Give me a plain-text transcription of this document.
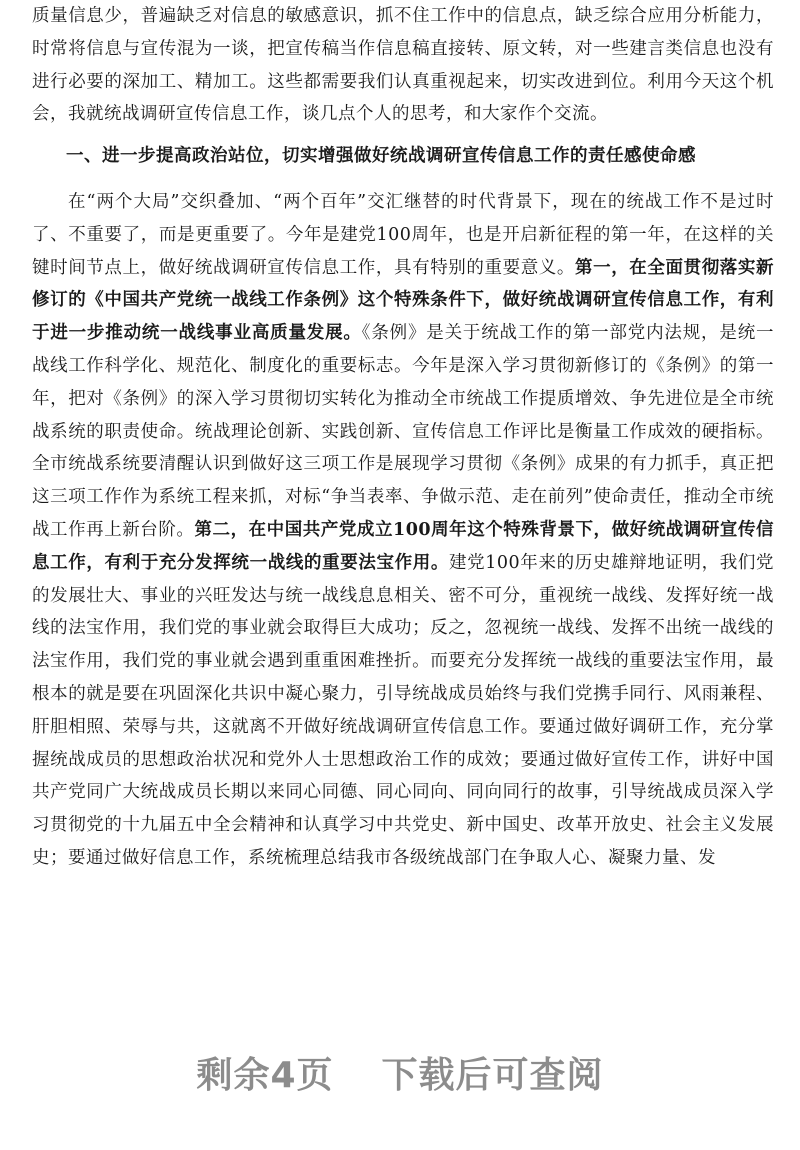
质量信息少，普遍缺乏对信息的敏感意识，抓不住工作中的信息点，缺乏综合应用分析能力，时常将信息与宣传混为一谈，把宣传稿当作信息稿直接转、原文转，对一些建言类信息也没有进行必要的深加工、精加工。这些都需要我们认真重视起来，切实改进到位。利用今天这个机会，我就统战调研宣传信息工作，谈几点个人的思考，和大家作个交流。

一、进一步提高政治站位，切实增强做好统战调研宣传信息工作的责任感使命感

在“两个大局”交织叠加、“两个百年”交汇继替的时代背景下，现在的统战工作不是过时了、不重要了，而是更重要了。今年是建党100周年，也是开启新征程的第一年，在这样的关键时间节点上，做好统战调研宣传信息工作，具有特别的重要意义。第一，在全面贯彻落实新修订的《中国共产党统一战线工作条例》这个特殊条件下，做好统战调研宣传信息工作，有利于进一步推动统一战线事业高质量发展。《条例》是关于统战工作的第一部党内法规，是统一战线工作科学化、规范化、制度化的重要标志。今年是深入学习贯彻新修订的《条例》的第一年，把对《条例》的深入学习贯彻切实转化为推动全市统战工作提质增效、争先进位是全市统战系统的职责使命。统战理论创新、实践创新、宣传信息工作评比是衡量工作成效的硬指标。全市统战系统要清醒认识到做好这三项工作是展现学习贯彻《条例》成果的有力抓手，真正把这三项工作作为系统工程来抓，对标“争当表率、争做示范、走在前列”使命责任，推动全市统战工作再上新台阶。第二，在中国共产党成立100周年这个特殊背景下，做好统战调研宣传信息工作，有利于充分发挥统一战线的重要法宝作用。建党100年来的历史雄辩地证明，我们党的发展壮大、事业的兴旺发达与统一战线息息相关、密不可分，重视统一战线、发挥好统一战线的法宝作用，我们党的事业就会取得巨大成功；反之，忽视统一战线、发挥不出统一战线的法宝作用，我们党的事业就会遇到重重困难挫折。而要充分发挥统一战线的重要法宝作用，最根本的就是要在巩固深化共识中凝心聚力，引导统战成员始终与我们党携手同行、风雨兼程、肝胆相照、荣辱与共，这就离不开做好统战调研宣传信息工作。要通过做好调研工作，充分掌握统战成员的思想政治状况和党外人士思想政治工作的成效；要通过做好宣传工作，讲好中国共产党同广大统战成员长期以来同心同德、同心同向、同向同行的故事，引导统战成员深入学习贯彻党的十九届五中全会精神和认真学习中共党史、新中国史、改革开放史、社会主义发展史；要通过做好信息工作，系统梳理总结我市各级统战部门在争取人心、凝聚力量、发

剩余4页 下载后可查阅
